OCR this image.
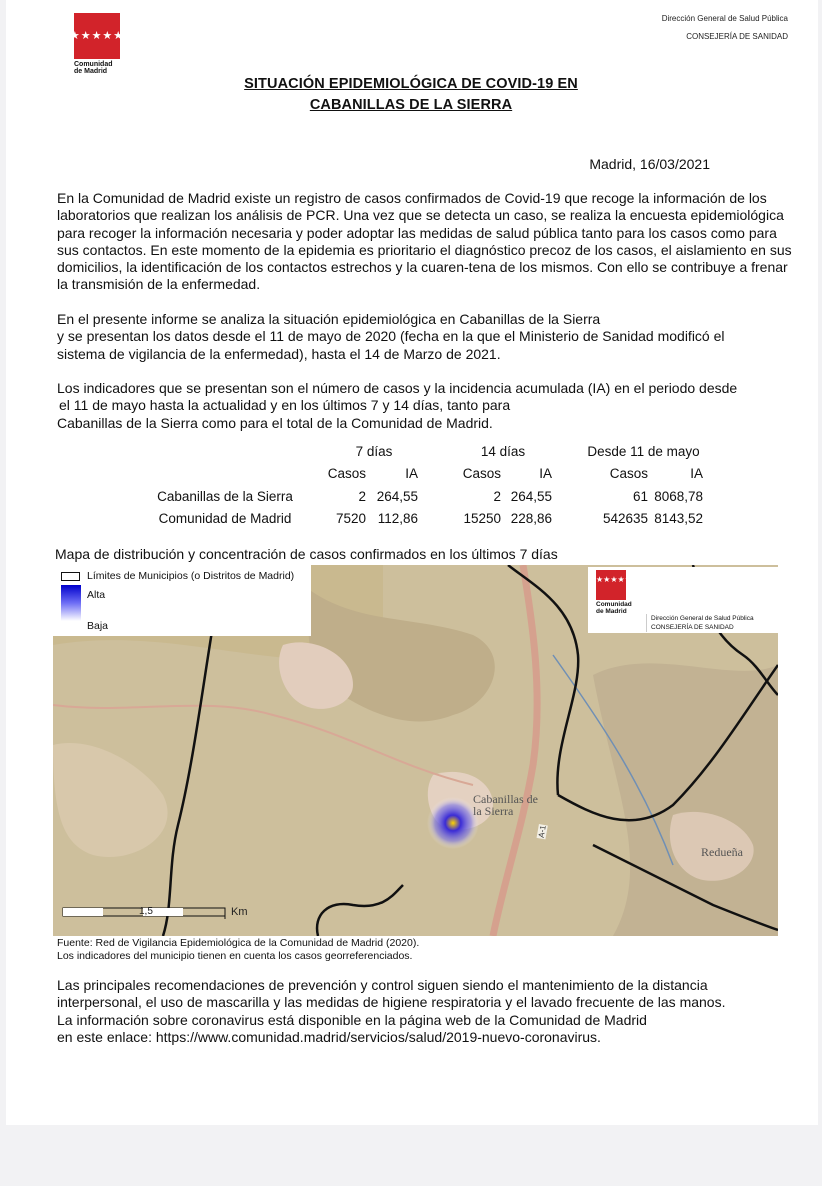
★★★★★★★
Comunidad
de Madrid
Dirección General de Salud Pública
CONSEJERÍA DE SANIDAD
SITUACIÓN EPIDEMIOLÓGICA DE COVID-19 EN
CABANILLAS DE LA SIERRA
Madrid, 16/03/2021
En la Comunidad de Madrid existe un registro de casos confirmados de Covid-19 que recoge la información de los laboratorios que realizan los análisis de PCR. Una vez que se detecta un caso, se realiza la encuesta epidemiológica para recoger la información necesaria y poder adoptar las medidas de salud pública tanto para los casos como para sus contactos. En este momento de la epidemia es prioritario el diagnóstico precoz de los casos, el aislamiento en sus domicilios, la identificación de los contactos estrechos y la cuaren-tena de los mismos. Con ello se contribuye a frenar la transmisión de la enfermedad.
En el presente informe se analiza la situación epidemiológica en Cabanillas de la Sierra
y se presentan los datos desde el 11 de mayo de 2020 (fecha en la que el Ministerio de Sanidad modificó el
sistema de vigilancia de la enfermedad), hasta el 14 de Marzo de 2021.
Los indicadores que se presentan son el número de casos y la incidencia acumulada (IA) en el periodo desde
el 11 de mayo hasta la actualidad y en los últimos 7 y 14 días, tanto para
Cabanillas de la Sierra como para el total de la Comunidad de Madrid.
	7 días		14 días		Desde 11 de mayo	
	Casos	IA	Casos	IA	Casos	IA
Cabanillas de la Sierra	2	264,55	2	264,55	61	8068,78
Comunidad de Madrid	7520	112,86	15250	228,86	542635	8143,52
Mapa de distribución y concentración de casos confirmados en los últimos 7 días
Cabanillas de la Sierra
Redueña
A-1
1,5	Km
Límites de Municipios (o Distritos de Madrid)
Alta
Baja
★★★★★★★
Comunidad
de Madrid
Dirección General de Salud Pública
CONSEJERÍA DE SANIDAD
Fuente: Red de Vigilancia Epidemiológica de la Comunidad de Madrid (2020).
Los indicadores del municipio tienen en cuenta los casos georreferenciados.
Las principales recomendaciones de prevención y control siguen siendo el mantenimiento de la distancia
interpersonal, el uso de mascarilla y las medidas de higiene respiratoria y el lavado frecuente de las manos.
La información sobre coronavirus está disponible en la página web de la Comunidad de Madrid
en este enlace: https://www.comunidad.madrid/servicios/salud/2019-nuevo-coronavirus.
